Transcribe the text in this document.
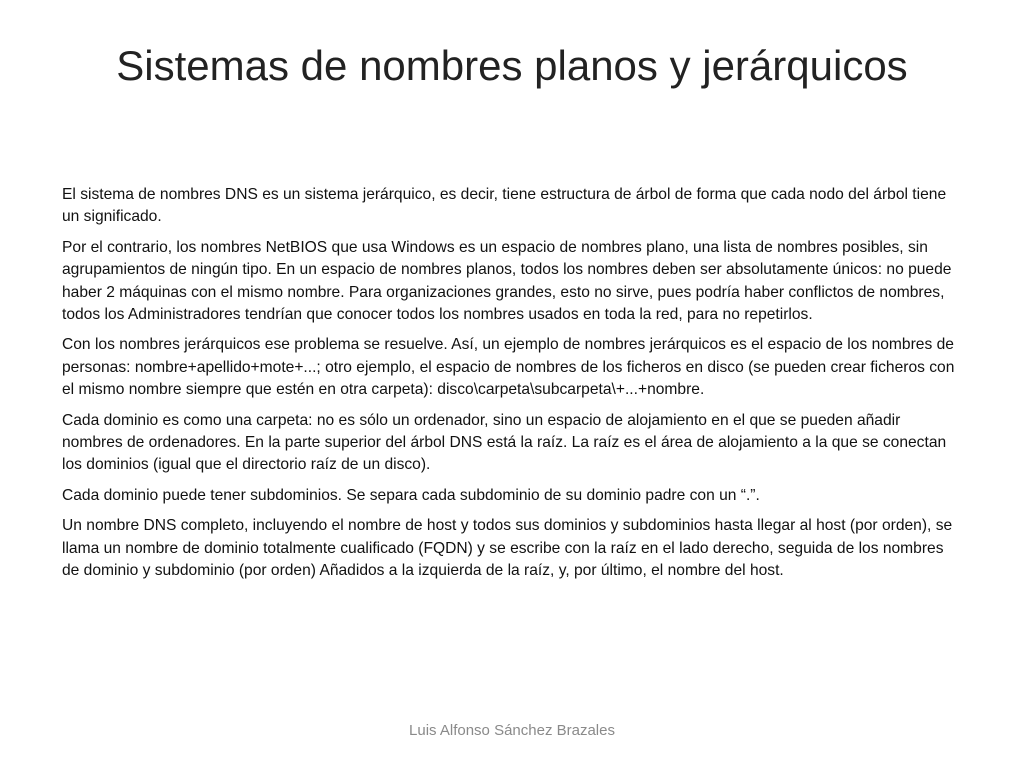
Sistemas de nombres planos y jerárquicos

El sistema de nombres DNS es un sistema jerárquico, es decir, tiene estructura de árbol de forma que cada nodo del árbol tiene un significado.

Por el contrario, los nombres NetBIOS que usa Windows es un espacio de nombres plano, una lista de nombres posibles, sin agrupamientos de ningún tipo. En un espacio de nombres planos, todos los nombres deben ser absolutamente únicos: no puede haber 2 máquinas con el mismo nombre. Para organizaciones grandes, esto no sirve, pues podría haber conflictos de nombres, todos los Administradores tendrían que conocer todos los nombres usados en toda la red, para no repetirlos.

Con los nombres jerárquicos ese problema se resuelve. Así, un ejemplo de nombres jerárquicos es el espacio de los nombres de personas: nombre+apellido+mote+...; otro ejemplo, el espacio de nombres de los ficheros en disco (se pueden crear ficheros con el mismo nombre siempre que estén en otra carpeta): disco\carpeta\subcarpeta\+...+nombre.

Cada dominio es como una carpeta: no es sólo un ordenador, sino un espacio de alojamiento en el que se pueden añadir nombres de ordenadores. En la parte superior del árbol DNS está la raíz. La raíz es el área de alojamiento a la que se conectan los dominios (igual que el directorio raíz de un disco).

Cada dominio puede tener subdominios. Se separa cada subdominio de su dominio padre con un “.”.

Un nombre DNS completo, incluyendo el nombre de host y todos sus dominios y subdominios hasta llegar al host (por orden), se llama un nombre de dominio totalmente cualificado (FQDN) y se escribe con la raíz en el lado derecho, seguida de los nombres de dominio y subdominio (por orden) Añadidos a la izquierda de la raíz, y, por último, el nombre del host.

Luis Alfonso Sánchez Brazales
